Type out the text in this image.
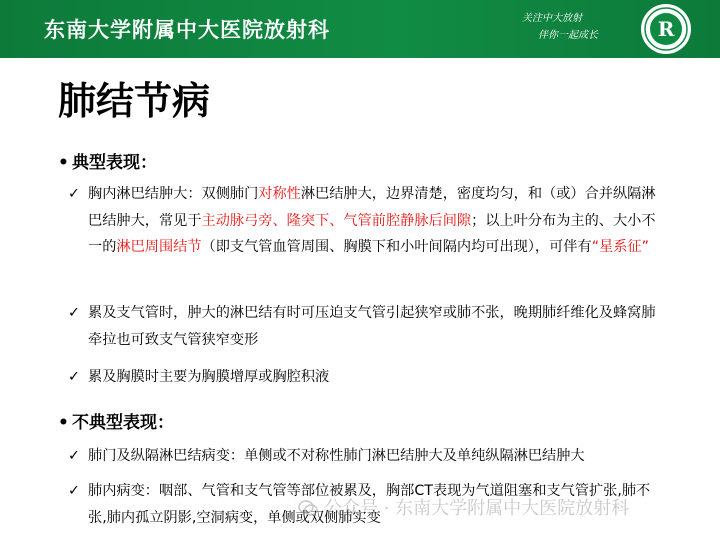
东南大学附属中大医院放射科	关注中大放射
伴你一起成长	R
肺结节病
• 典型表现：
✓ 胸内淋巴结肿大：双侧肺门对称性淋巴结肿大，边界清楚，密度均匀，和（或）合并纵隔淋巴结肿大，常见于主动脉弓旁、隆突下、气管前腔静脉后间隙；以上叶分布为主的、大小不一的淋巴周围结节（即支气管血管周围、胸膜下和小叶间隔内均可出现），可伴有“星系征”
✓ 累及支气管时，肿大的淋巴结有时可压迫支气管引起狭窄或肺不张，晚期肺纤维化及蜂窝肺牵拉也可致支气管狭窄变形
✓ 累及胸膜时主要为胸膜增厚或胸腔积液
• 不典型表现：
✓ 肺门及纵隔淋巴结病变：单侧或不对称性肺门淋巴结肿大及单纯纵隔淋巴结肿大
✓ 肺内病变：咽部、气管和支气管等部位被累及，胸部CT表现为气道阻塞和支气管扩张,肺不张,肺内孤立阴影,空洞病变，单侧或双侧肺实变
公众号 · 东南大学附属中大医院放射科
